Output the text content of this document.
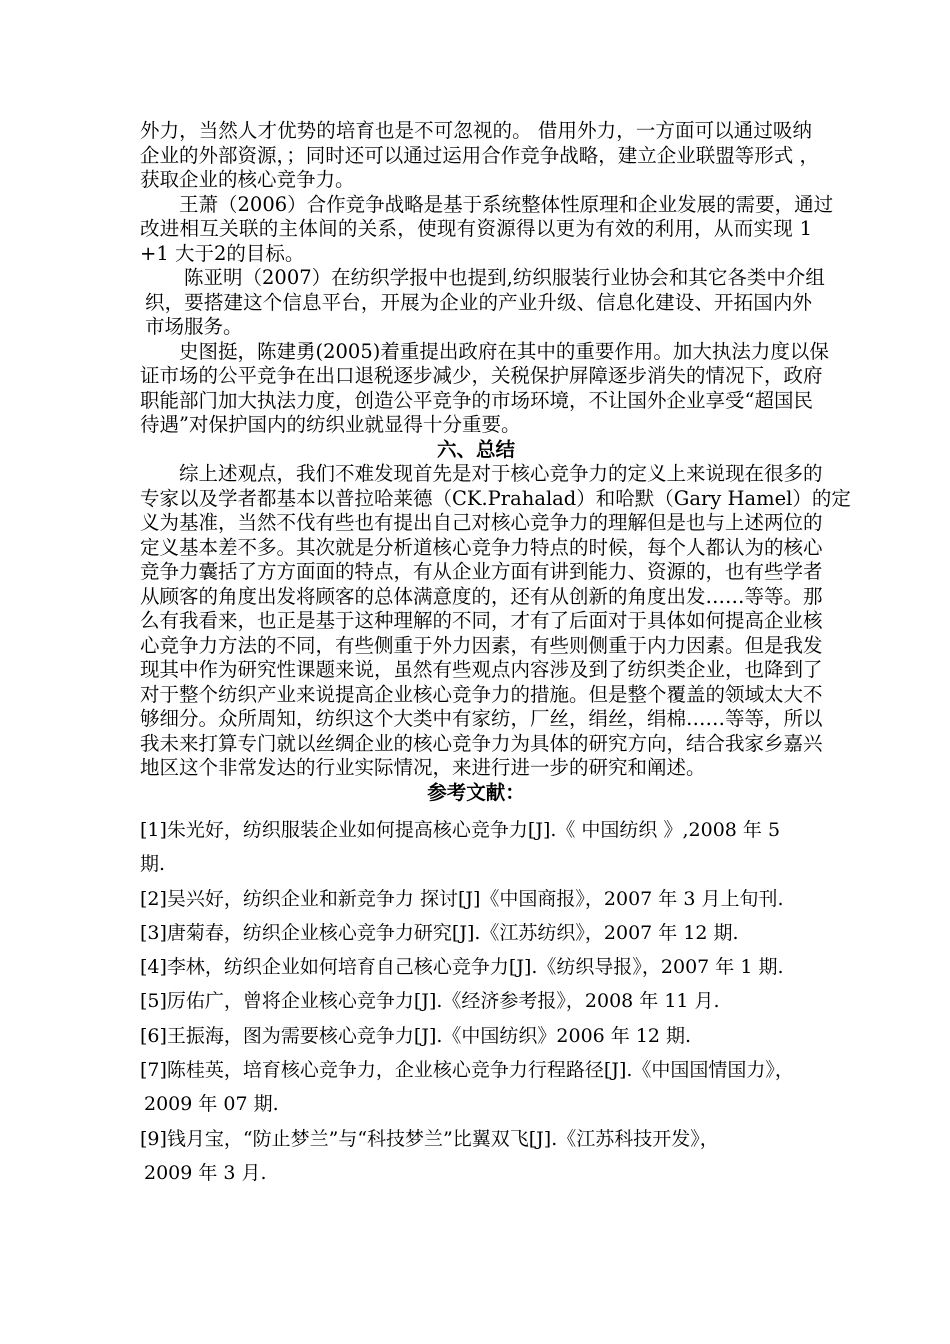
外力，当然人才优势的培育也是不可忽视的。 借用外力，一方面可以通过吸纳

企业的外部资源，；同时还可以通过运用合作竞争战略，建立企业联盟等形式 ，

获取企业的核心竞争力。

王萧（2006）合作竞争战略是基于系统整体性原理和企业发展的需要，通过

改进相互关联的主体间的关系，使现有资源得以更为有效的利用，从而实现 1

+1 大于2的目标。

陈亚明（2007）在纺织学报中也提到,纺织服装行业协会和其它各类中介组

织，要搭建这个信息平台，开展为企业的产业升级、信息化建设、开拓国内外

市场服务。

史图挺，陈建勇(2005)着重提出政府在其中的重要作用。加大执法力度以保

证市场的公平竞争在出口退税逐步减少，关税保护屏障逐步消失的情况下，政府

职能部门加大执法力度，创造公平竞争的市场环境，不让国外企业享受“超国民

待遇”对保护国内的纺织业就显得十分重要。

六、总结

综上述观点，我们不难发现首先是对于核心竞争力的定义上来说现在很多的

专家以及学者都基本以普拉哈莱德（CK.Prahalad）和哈默（Gary Hamel）的定

义为基准，当然不伐有些也有提出自己对核心竞争力的理解但是也与上述两位的

定义基本差不多。其次就是分析道核心竞争力特点的时候，每个人都认为的核心

竞争力囊括了方方面面的特点，有从企业方面有讲到能力、资源的，也有些学者

从顾客的角度出发将顾客的总体满意度的，还有从创新的角度出发……等等。那

么有我看来，也正是基于这种理解的不同，才有了后面对于具体如何提高企业核

心竞争力方法的不同，有些侧重于外力因素，有些则侧重于内力因素。但是我发

现其中作为研究性课题来说，虽然有些观点内容涉及到了纺织类企业，也降到了

对于整个纺织产业来说提高企业核心竞争力的措施。但是整个覆盖的领域太大不

够细分。众所周知，纺织这个大类中有家纺，厂丝，绢丝，绢棉……等等，所以

我未来打算专门就以丝绸企业的核心竞争力为具体的研究方向，结合我家乡嘉兴

地区这个非常发达的行业实际情况，来进行进一步的研究和阐述。

参考文献：

[1]朱光好，纺织服装企业如何提高核心竞争力[J].《 中国纺织 》,2008 年 5

期.

[2]吴兴好，纺织企业和新竞争力 探讨[J]《中国商报》，2007 年 3 月上旬刊.

[3]唐菊春，纺织企业核心竞争力研究[J].《江苏纺织》，2007 年 12 期.

[4]李林，纺织企业如何培育自己核心竞争力[J].《纺织导报》，2007 年 1 期.

[5]厉佑广，曾将企业核心竞争力[J].《经济参考报》，2008 年 11 月.

[6]王振海，图为需要核心竞争力[J].《中国纺织》2006 年 12 期.

[7]陈桂英，培育核心竞争力，企业核心竞争力行程路径[J].《中国国情国力》，

2009 年 07 期.

[9]钱月宝，“防止梦兰”与“科技梦兰”比翼双飞[J].《江苏科技开发》，

2009 年 3 月.
